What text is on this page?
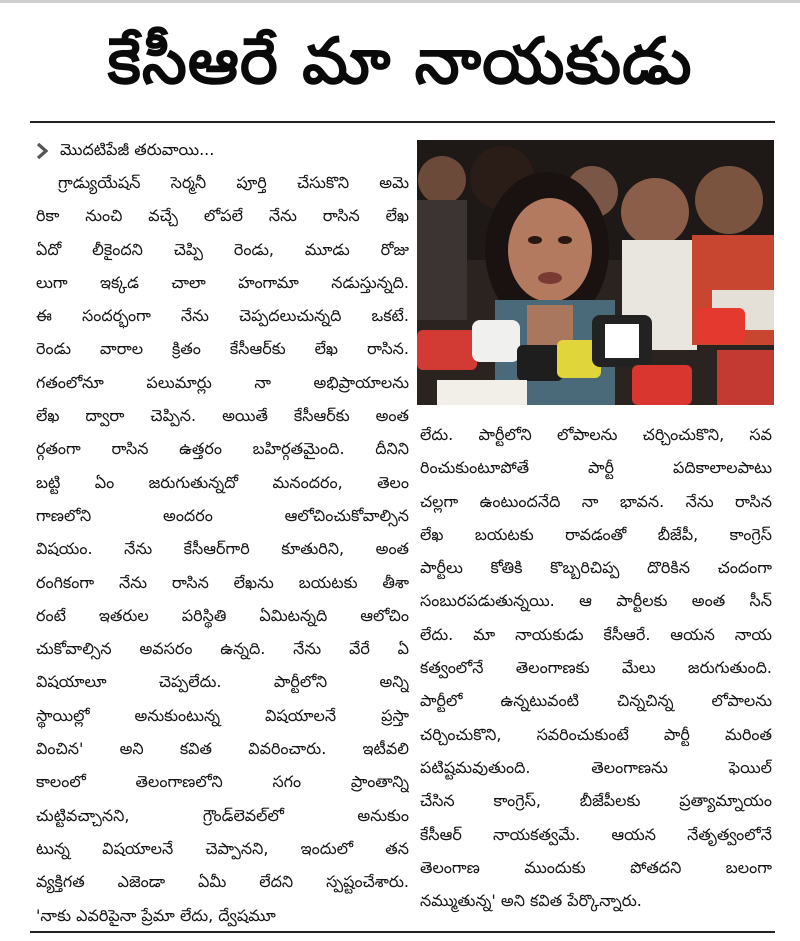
కేసీఆరే మా నాయకుడు
మొదటిపేజీ తరువాయి...
గ్రాడ్యుయేషన్ సెర్మనీ పూర్తి చేసుకొని అమె
రికా నుంచి వచ్చే లోపలే నేను రాసిన లేఖ
ఏదో లీకైందని చెప్పి రెండు, మూడు రోజు
లుగా ఇక్కడ చాలా హంగామా నడుస్తున్నది.
ఈ సందర్భంగా నేను చెప్పదలుచున్నది ఒకటే.
రెండు వారాల క్రితం కేసీఆర్‌కు లేఖ రాసిన.
గతంలోనూ పలుమార్లు నా అభిప్రాయాలను
లేఖ ద్వారా చెప్పిన. అయితే కేసీఆర్‌కు అంత
ర్గతంగా రాసిన ఉత్తరం బహిర్గతమైంది. దీనిని
బట్టి ఏం జరుగుతున్నదో మనందరం, తెలం
గాణలోని అందరం ఆలోచించుకోవాల్సిన
విషయం. నేను కేసీఆర్‌గారి కూతురిని, అంత
రంగికంగా నేను రాసిన లేఖను బయటకు తీశా
రంటే ఇతరుల పరిస్థితి ఏమిటన్నది ఆలోచిం
చుకోవాల్సిన అవసరం ఉన్నది. నేను వేరే ఏ
విషయాలూ చెప్పలేదు. పార్టీలోని అన్ని
స్థాయిల్లో అనుకుంటున్న విషయాలనే ప్రస్తా
వించిన' అని కవిత వివరించారు. ఇటీవలి
కాలంలో తెలంగాణలోని సగం ప్రాంతాన్ని
చుట్టివచ్చానని, గ్రౌండ్‌లెవల్‌లో అనుకుం
టున్న విషయాలనే చెప్పానని, ఇందులో తన
వ్యక్తిగత ఎజెండా ఏమీ లేదని స్పష్టంచేశారు.
'నాకు ఎవరిపైనా ప్రేమా లేదు, ద్వేషమూ
లేదు. పార్టీలోని లోపాలను చర్చించుకొని, సవ
రించుకుంటూపోతే పార్టీ పదికాలాలపాటు
చల్లగా ఉంటుందనేది నా భావన. నేను రాసిన
లేఖ బయటకు రావడంతో బీజేపీ, కాంగ్రెస్
పార్టీలు కోతికి కొబ్బరిచిప్ప దొరికిన చందంగా
సంబురపడుతున్నయి. ఆ పార్టీలకు అంత సీన్
లేదు. మా నాయకుడు కేసీఆరే. ఆయన నాయ
కత్వంలోనే తెలంగాణకు మేలు జరుగుతుంది.
పార్టీలో ఉన్నటువంటి చిన్నచిన్న లోపాలను
చర్చించుకొని, సవరించుకుంటే పార్టీ మరింత
పటిష్టమవుతుంది. తెలంగాణను ఫెయిల్
చేసిన కాంగ్రెస్, బీజేపీలకు ప్రత్యామ్నాయం
కేసీఆర్ నాయకత్వమే. ఆయన నేతృత్వంలోనే
తెలంగాణ ముందుకు పోతదని బలంగా
నమ్ముతున్న' అని కవిత పేర్కొన్నారు.
